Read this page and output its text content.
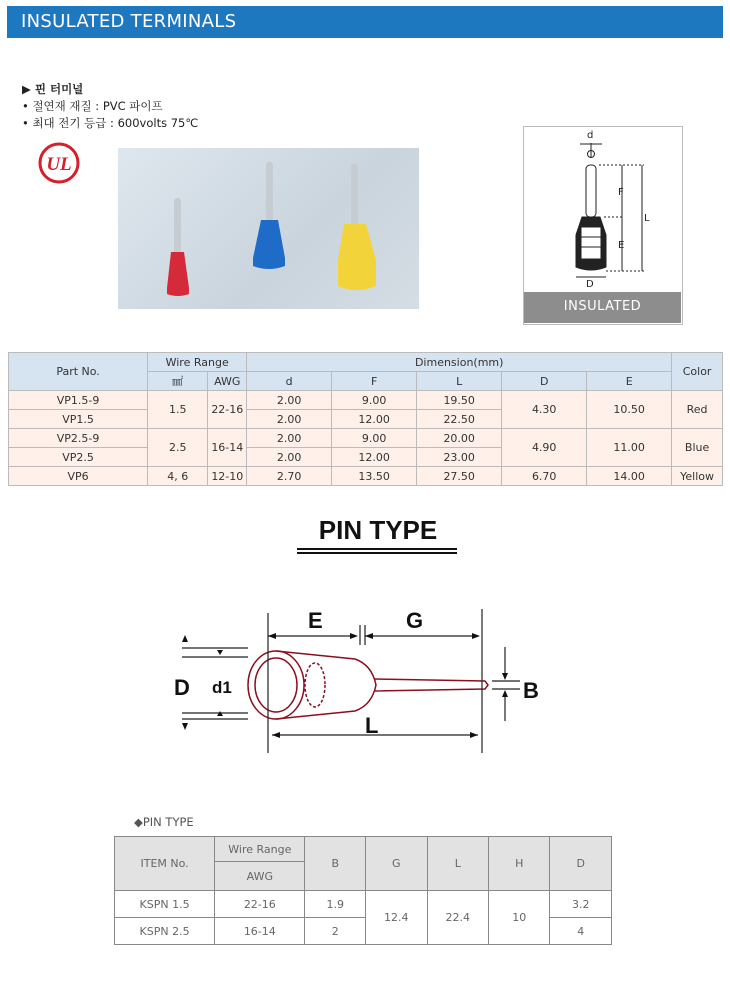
INSULATED TERMINALS
▶ 핀 터미널
• 절연재 재질 : PVC 파이프
• 최대 전기 등급 : 600volts 75℃
UL
d
F
L
E
D
INSULATED
Part No.	Wire Range		Dimension(mm)					Color
	㎟	AWG	d	F	L	D	E	
VP1.5-9	1.5	22-16	2.00	9.00	19.50	4.30	10.50	Red
VP1.5			2.00	12.00	22.50			
VP2.5-9	2.5	16-14	2.00	9.00	20.00	4.90	11.00	Blue
VP2.5			2.00	12.00	23.00			
VP6	4, 6	12-10	2.70	13.50	27.50	6.70	14.00	Yellow
PIN TYPE
E	G
D d1	B
L
◆PIN TYPE
ITEM No.	Wire Range	B	G	L	H	D
	AWG					
KSPN 1.5	22-16	1.9	12.4	22.4	10	3.2
KSPN 2.5	16-14	2				4
